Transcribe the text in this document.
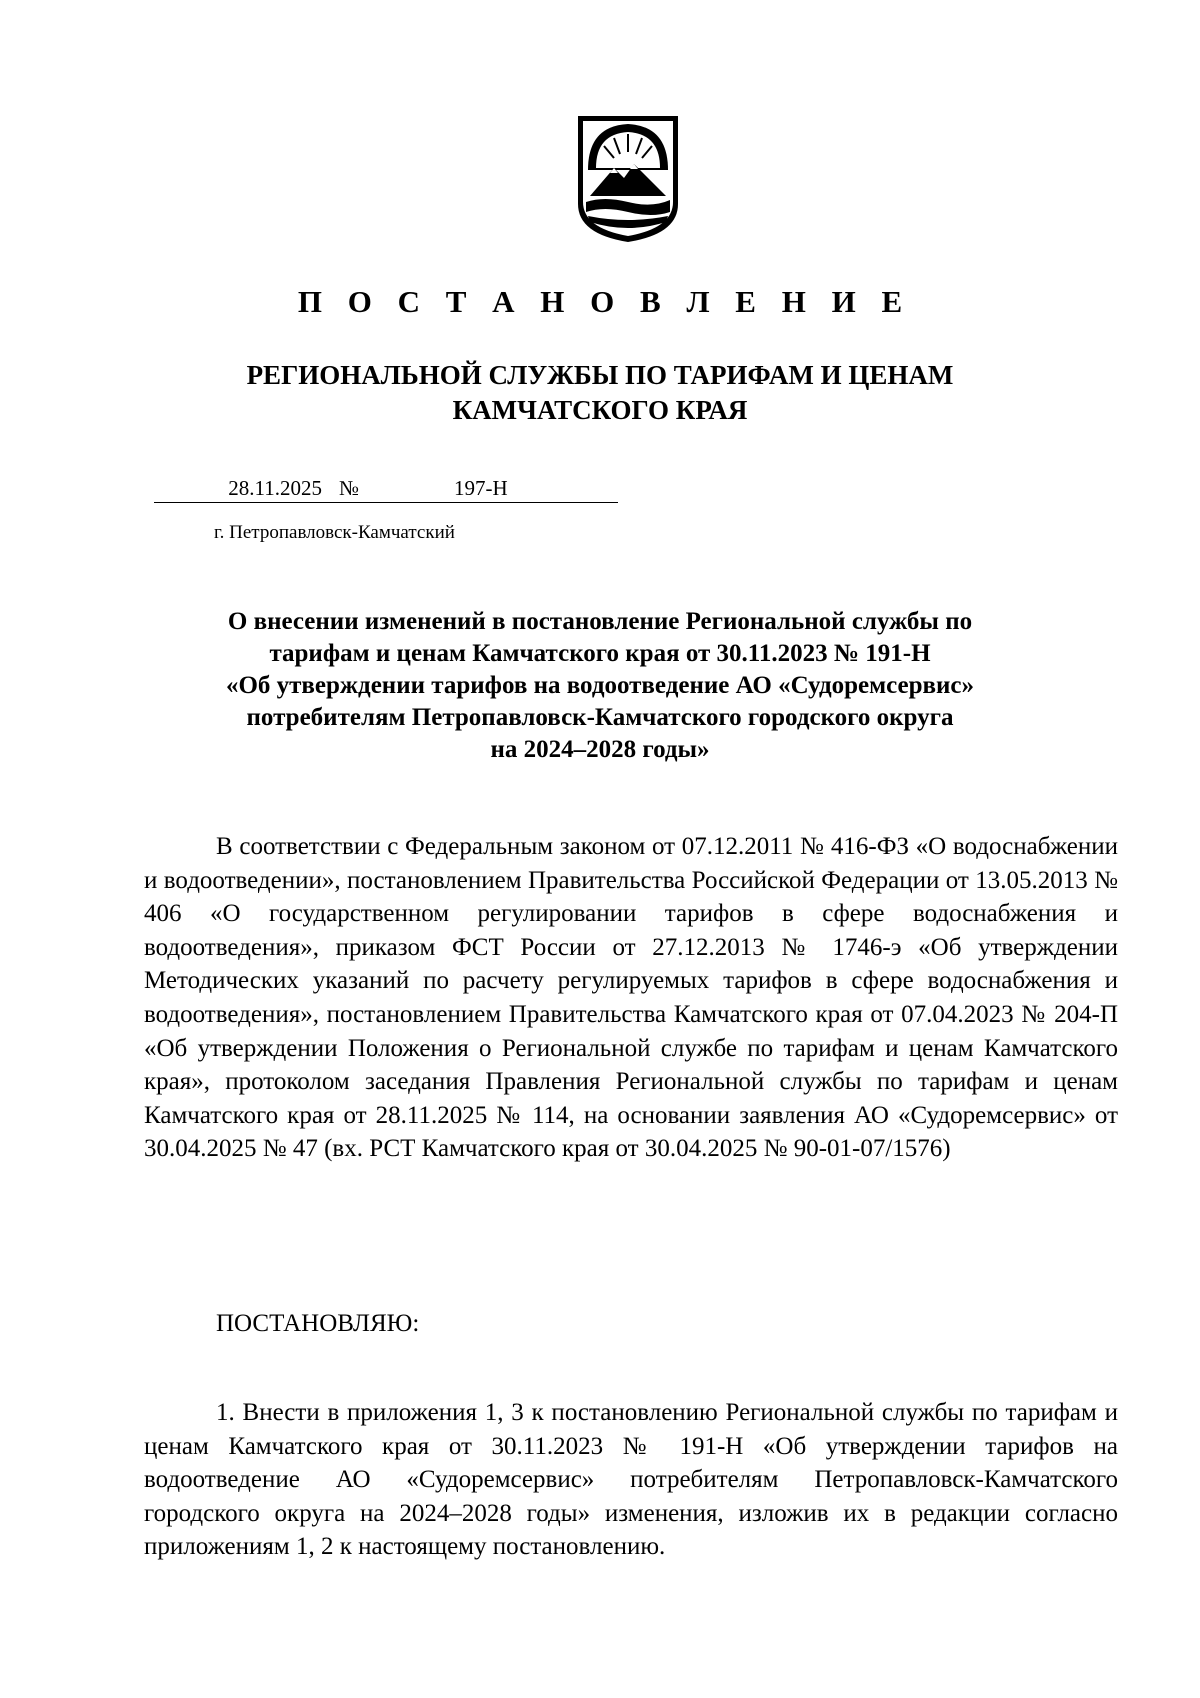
П О С Т А Н О В Л Е Н И Е
РЕГИОНАЛЬНОЙ СЛУЖБЫ ПО ТАРИФАМ И ЦЕНАМ
КАМЧАТСКОГО КРАЯ
28.11.2025 №	197-Н
г. Петропавловск-Камчатский
О внесении изменений в постановление Региональной службы по
тарифам и ценам Камчатского края от 30.11.2023 № 191-Н
«Об утверждении тарифов на водоотведение АО «Судоремсервис»
потребителям Петропавловск-Камчатского городского округа
на 2024–2028 годы»

В соответствии с Федеральным законом от 07.12.2011 № 416-ФЗ «О водоснабжении и водоотведении», постановлением Правительства Российской Федерации от 13.05.2013 № 406 «О государственном регулировании тарифов в сфере водоснабжения и водоотведения», приказом ФСТ России от 27.12.2013 № 1746-э «Об утверждении Методических указаний по расчету регулируемых тарифов в сфере водоснабжения и водоотведения», постановлением Правительства Камчатского края от 07.04.2023 № 204-П «Об утверждении Положения о Региональной службе по тарифам и ценам Камчатского края», протоколом заседания Правления Региональной службы по тарифам и ценам Камчатского края от 28.11.2025 № 114, на основании заявления АО «Судоремсервис» от 30.04.2025 № 47 (вх. РСТ Камчатского края от 30.04.2025 № 90-01-07/1576)

ПОСТАНОВЛЯЮ:

1. Внести в приложения 1, 3 к постановлению Региональной службы по тарифам и ценам Камчатского края от 30.11.2023 № 191-Н «Об утверждении тарифов на водоотведение АО «Судоремсервис» потребителям Петропавловск-Камчатского городского округа на 2024–2028 годы» изменения, изложив их в редакции согласно приложениям 1, 2 к настоящему постановлению.
